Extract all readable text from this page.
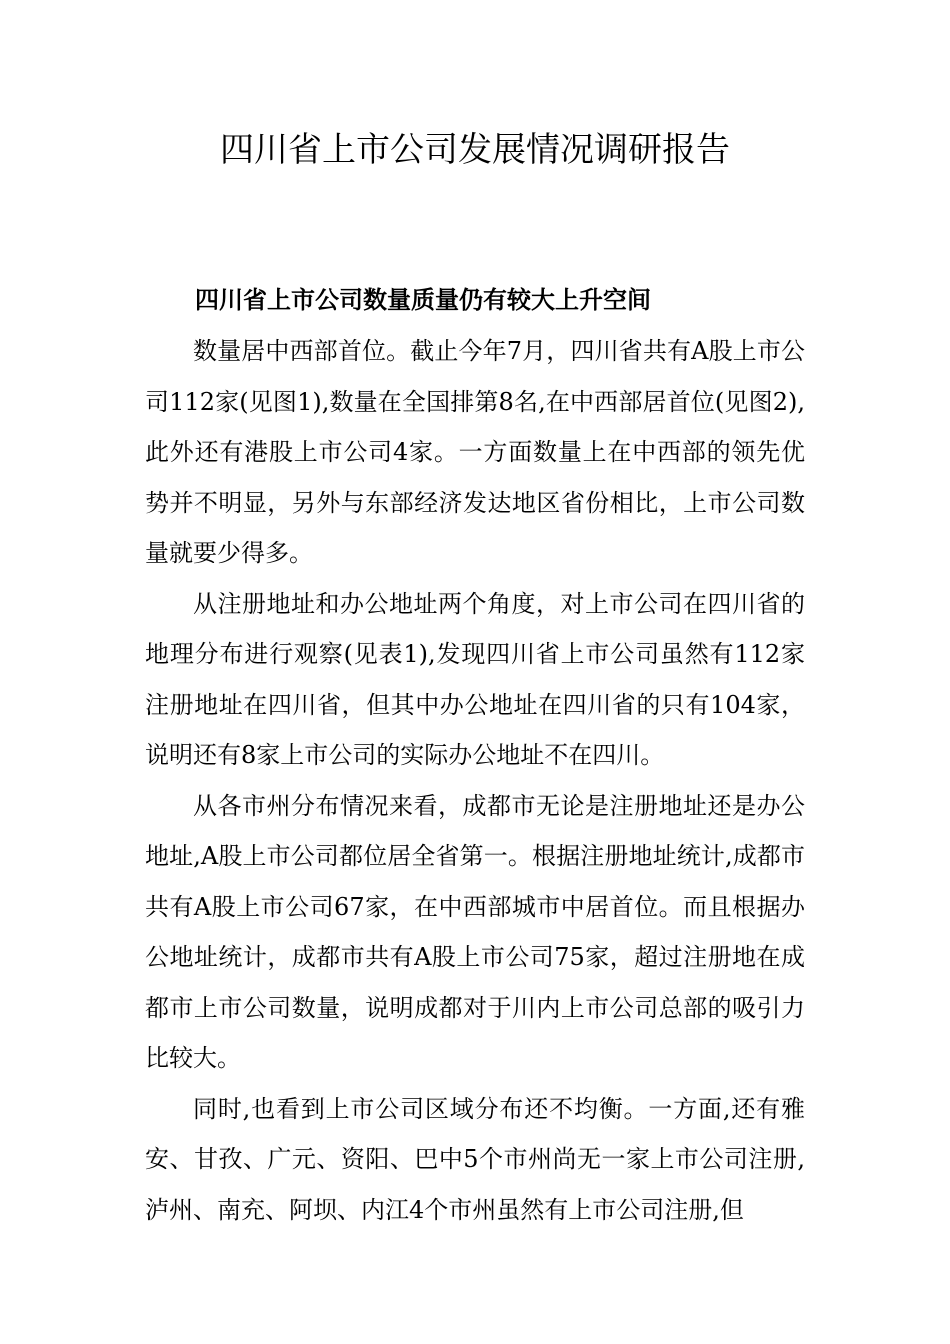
四川省上市公司发展情况调研报告
四川省上市公司数量质量仍有较大上升空间

数量居中西部首位。截止今年7月，四川省共有A股上市公司112家(见图1),数量在全国排第8名,在中西部居首位(见图2),此外还有港股上市公司4家。一方面数量上在中西部的领先优势并不明显，另外与东部经济发达地区省份相比，上市公司数量就要少得多。

从注册地址和办公地址两个角度，对上市公司在四川省的地理分布进行观察(见表1),发现四川省上市公司虽然有112家注册地址在四川省，但其中办公地址在四川省的只有104家，说明还有8家上市公司的实际办公地址不在四川。

从各市州分布情况来看，成都市无论是注册地址还是办公地址,A股上市公司都位居全省第一。根据注册地址统计,成都市共有A股上市公司67家，在中西部城市中居首位。而且根据办公地址统计，成都市共有A股上市公司75家，超过注册地在成都市上市公司数量，说明成都对于川内上市公司总部的吸引力比较大。

同时,也看到上市公司区域分布还不均衡。一方面,还有雅安、甘孜、广元、资阳、巴中5个市州尚无一家上市公司注册,泸州、南充、阿坝、内江4个市州虽然有上市公司注册,但
